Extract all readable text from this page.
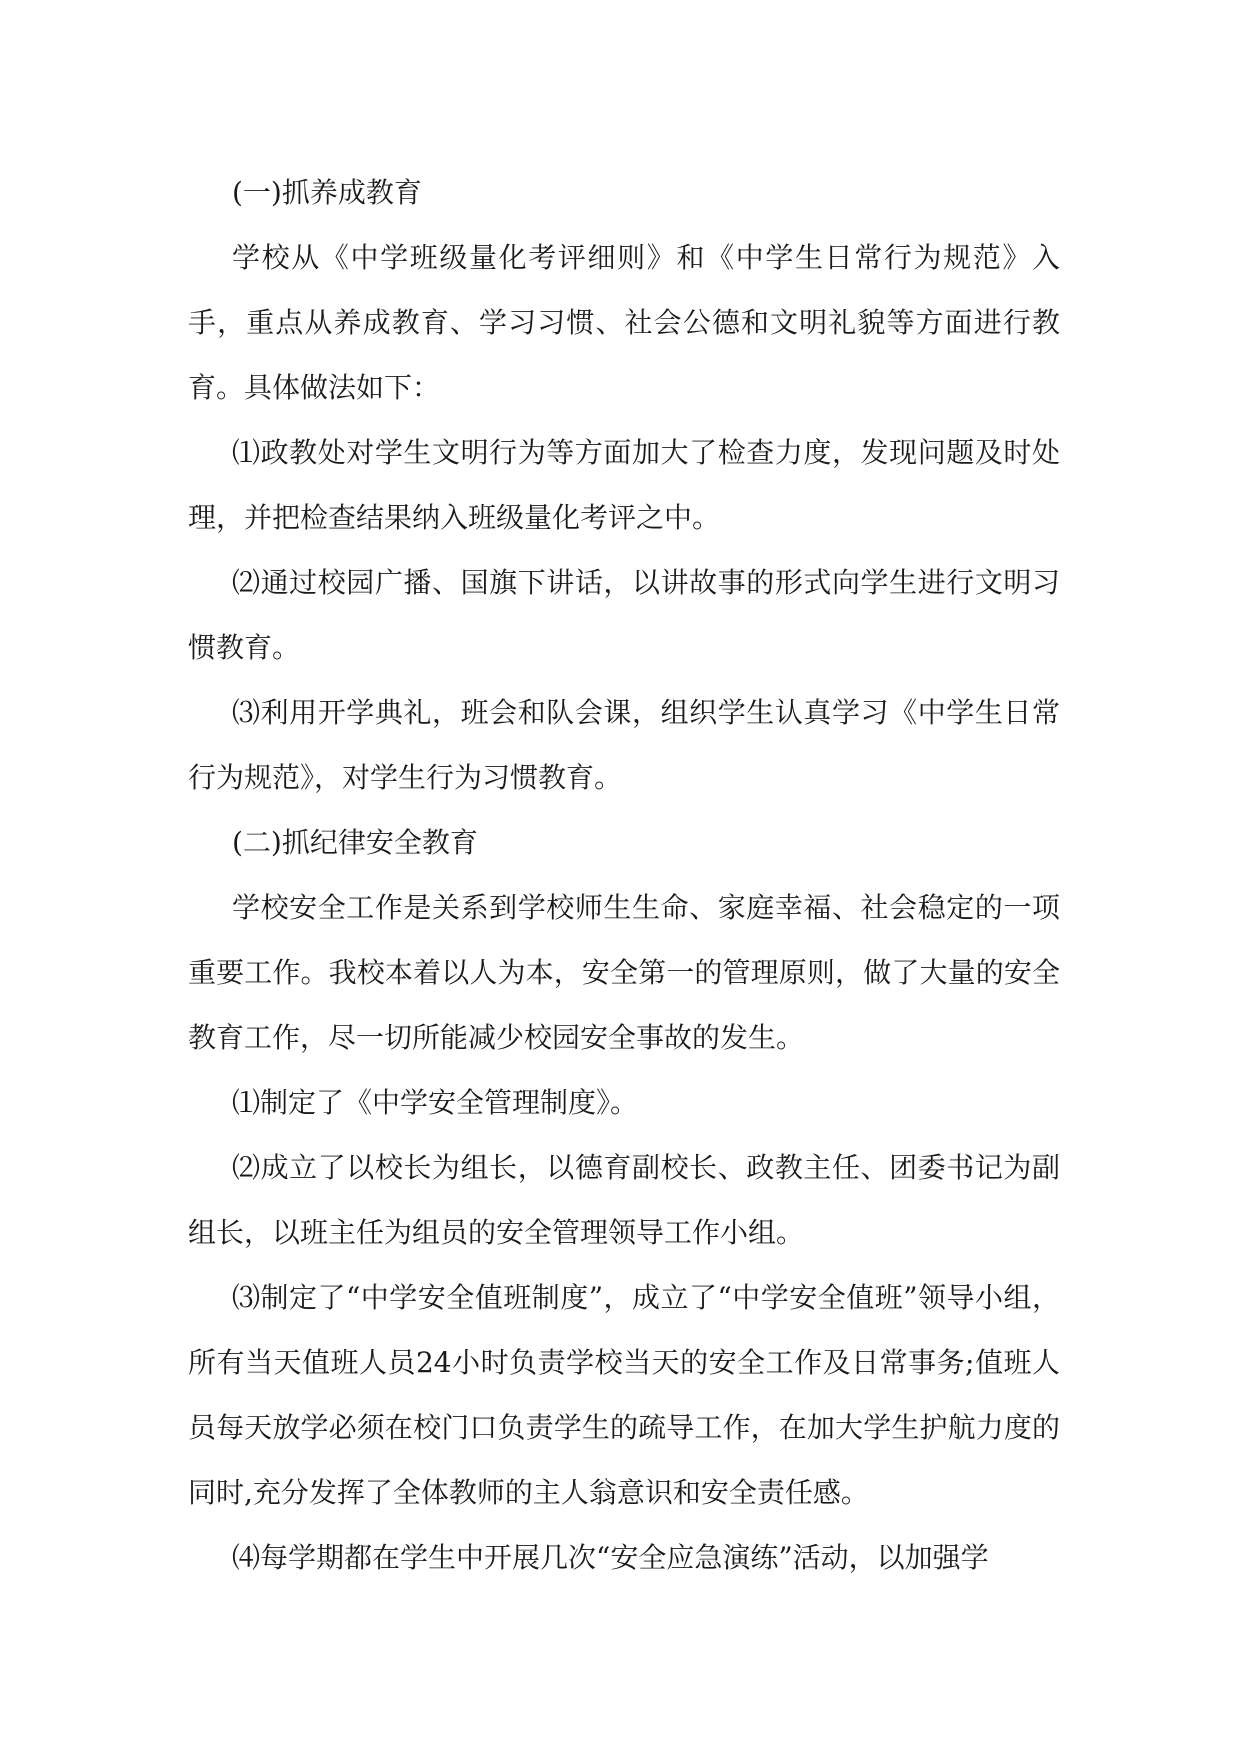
(一)抓养成教育

学校从《中学班级量化考评细则》和《中学生日常行为规范》入手，重点从养成教育、学习习惯、社会公德和文明礼貌等方面进行教育。具体做法如下：

⑴政教处对学生文明行为等方面加大了检查力度，发现问题及时处理，并把检查结果纳入班级量化考评之中。

⑵通过校园广播、国旗下讲话，以讲故事的形式向学生进行文明习惯教育。

⑶利用开学典礼，班会和队会课，组织学生认真学习《中学生日常行为规范》，对学生行为习惯教育。

(二)抓纪律安全教育

学校安全工作是关系到学校师生生命、家庭幸福、社会稳定的一项重要工作。我校本着以人为本，安全第一的管理原则，做了大量的安全教育工作，尽一切所能减少校园安全事故的发生。

⑴制定了《中学安全管理制度》。

⑵成立了以校长为组长，以德育副校长、政教主任、团委书记为副组长，以班主任为组员的安全管理领导工作小组。

⑶制定了“中学安全值班制度”，成立了“中学安全值班”领导小组，所有当天值班人员24小时负责学校当天的安全工作及日常事务;值班人员每天放学必须在校门口负责学生的疏导工作，在加大学生护航力度的同时,充分发挥了全体教师的主人翁意识和安全责任感。

⑷每学期都在学生中开展几次“安全应急演练”活动，以加强学
